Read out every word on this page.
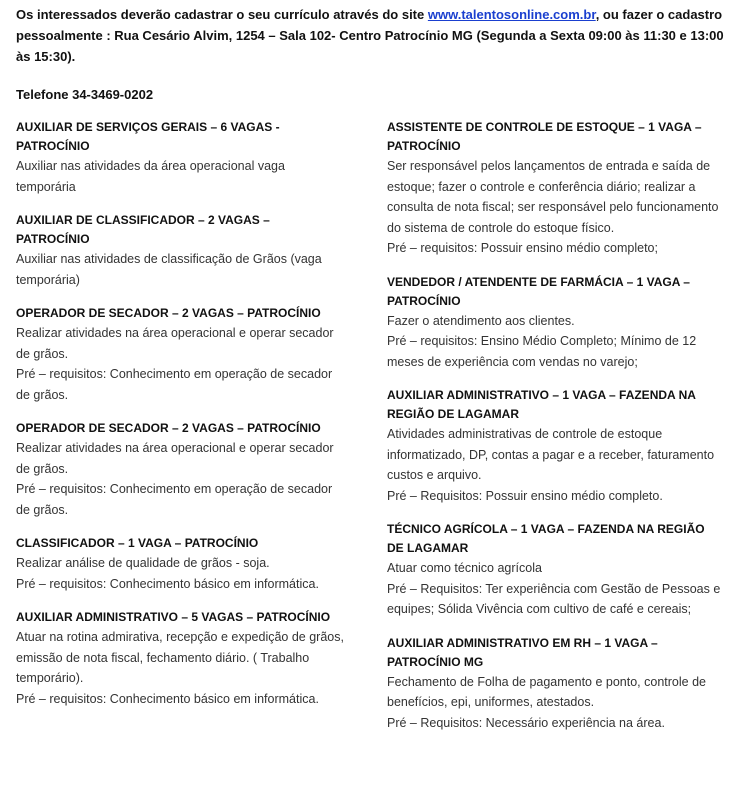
Os interessados deverão cadastrar o seu currículo através do site www.talentosonline.com.br, ou fazer o cadastro pessoalmente : Rua Cesário Alvim, 1254 – Sala 102- Centro Patrocínio MG (Segunda a Sexta 09:00 às 11:30 e 13:00 às 15:30).
Telefone 34-3469-0202
AUXILIAR DE SERVIÇOS GERAIS – 6 VAGAS - PATROCÍNIO
Auxiliar nas atividades da área operacional vaga temporária
AUXILIAR DE CLASSIFICADOR – 2 VAGAS – PATROCÍNIO
Auxiliar nas atividades de classificação de Grãos (vaga temporária)
OPERADOR DE SECADOR – 2 VAGAS – PATROCÍNIO
Realizar atividades na área operacional e operar secador de grãos.
Pré – requisitos: Conhecimento em operação de secador de grãos.
OPERADOR DE SECADOR – 2 VAGAS – PATROCÍNIO
Realizar atividades na área operacional e operar secador de grãos.
Pré – requisitos: Conhecimento em operação de secador de grãos.
CLASSIFICADOR – 1 VAGA – PATROCÍNIO
Realizar análise de qualidade de grãos - soja.
Pré – requisitos: Conhecimento básico em informática.
AUXILIAR ADMINISTRATIVO – 5 VAGAS – PATROCÍNIO
Atuar na rotina admirativa, recepção e expedição de grãos, emissão de nota fiscal, fechamento diário. ( Trabalho temporário).
Pré – requisitos: Conhecimento básico em informática.
ASSISTENTE DE CONTROLE DE ESTOQUE – 1 VAGA – PATROCÍNIO
Ser responsável pelos lançamentos de entrada e saída de estoque; fazer o controle e conferência diário; realizar a consulta de nota fiscal; ser responsável pelo funcionamento do sistema de controle do estoque físico.
Pré – requisitos: Possuir ensino médio completo;
VENDEDOR / ATENDENTE DE FARMÁCIA – 1 VAGA – PATROCÍNIO
Fazer o atendimento aos clientes.
Pré – requisitos: Ensino Médio Completo; Mínimo de 12 meses de experiência com vendas no varejo;
AUXILIAR ADMINISTRATIVO – 1 VAGA – FAZENDA NA REGIÃO DE LAGAMAR
Atividades administrativas de controle de estoque informatizado, DP, contas a pagar e a receber, faturamento custos e arquivo.
Pré – Requisitos: Possuir ensino médio completo.
TÉCNICO AGRÍCOLA – 1 VAGA – FAZENDA NA REGIÃO DE LAGAMAR
Atuar como técnico agrícola
Pré – Requisitos: Ter experiência com Gestão de Pessoas e equipes; Sólida Vivência com cultivo de café e cereais;
AUXILIAR ADMINISTRATIVO EM RH – 1 VAGA – PATROCÍNIO MG
Fechamento de Folha de pagamento e ponto, controle de benefícios, epi, uniformes, atestados.
Pré – Requisitos: Necessário experiência na área.
